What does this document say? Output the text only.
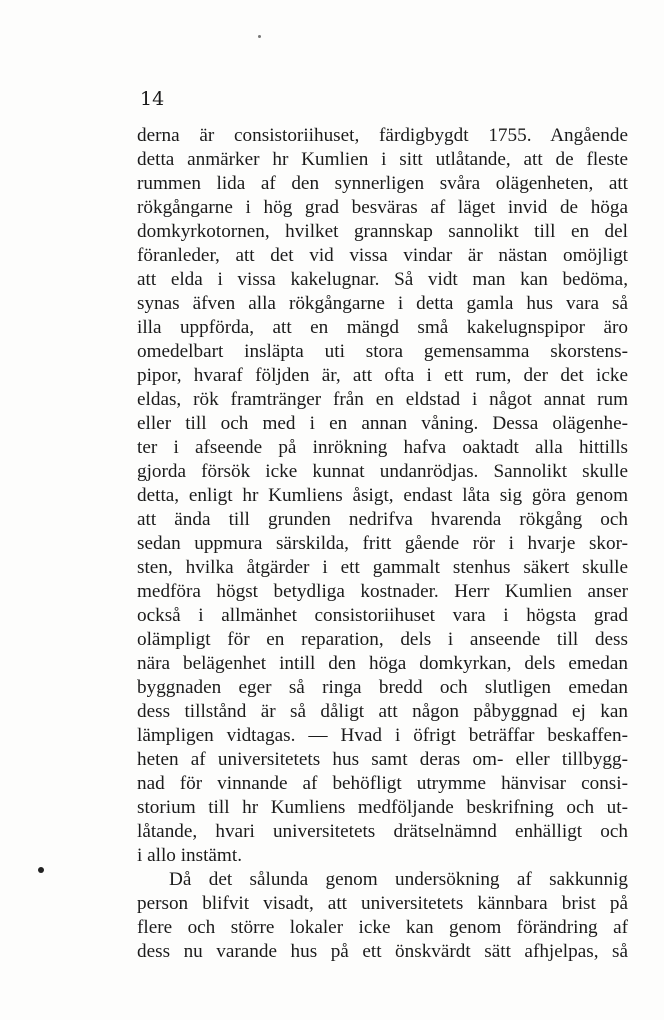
14
derna är consistoriihuset, färdigbygdt 1755. Angående
detta anmärker hr Kumlien i sitt utlåtande, att de fleste
rummen lida af den synnerligen svåra olägenheten, att
rökgångarne i hög grad besväras af läget invid de höga
domkyrkotornen, hvilket grannskap sannolikt till en del
föranleder, att det vid vissa vindar är nästan omöjligt
att elda i vissa kakelugnar. Så vidt man kan bedöma,
synas äfven alla rökgångarne i detta gamla hus vara så
illa uppförda, att en mängd små kakelugnspipor äro
omedelbart insläpta uti stora gemensamma skorstens-
pipor, hvaraf följden är, att ofta i ett rum, der det icke
eldas, rök framtränger från en eldstad i något annat rum
eller till och med i en annan våning. Dessa olägenhe-
ter i afseende på inrökning hafva oaktadt alla hittills
gjorda försök icke kunnat undanrödjas. Sannolikt skulle
detta, enligt hr Kumliens åsigt, endast låta sig göra genom
att ända till grunden nedrifva hvarenda rökgång och
sedan uppmura särskilda, fritt gående rör i hvarje skor-
sten, hvilka åtgärder i ett gammalt stenhus säkert skulle
medföra högst betydliga kostnader. Herr Kumlien anser
också i allmänhet consistoriihuset vara i högsta grad
olämpligt för en reparation, dels i anseende till dess
nära belägenhet intill den höga domkyrkan, dels emedan
byggnaden eger så ringa bredd och slutligen emedan
dess tillstånd är så dåligt att någon påbyggnad ej kan
lämpligen vidtagas. — Hvad i öfrigt beträffar beskaffen-
heten af universitetets hus samt deras om- eller tillbygg-
nad för vinnande af behöfligt utrymme hänvisar consi-
storium till hr Kumliens medföljande beskrifning och ut-
låtande, hvari universitetets drätselnämnd enhälligt och
i allo instämt.
Då det sålunda genom undersökning af sakkunnig
person blifvit visadt, att universitetets kännbara brist på
flere och större lokaler icke kan genom förändring af
dess nu varande hus på ett önskvärdt sätt afhjelpas, så
